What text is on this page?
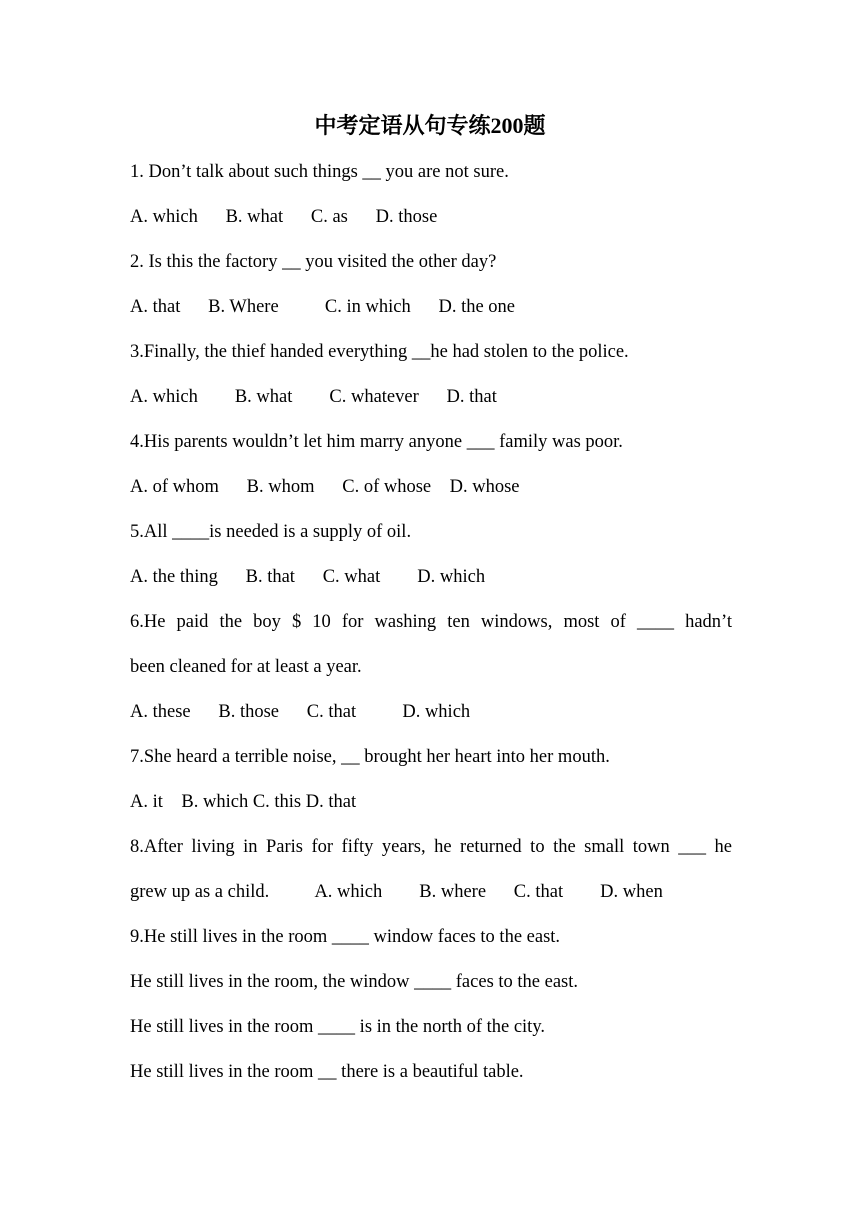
中考定语从句专练200题
1. Don’t talk about such things __ you are not sure.
A. which      B. what      C. as      D. those
2. Is this the factory __ you visited the other day?
A. that      B. Where          C. in which      D. the one
3.Finally, the thief handed everything __he had stolen to the police.
A. which        B. what        C. whatever      D. that
4.His parents wouldn’t let him marry anyone ___ family was poor.
A. of whom      B. whom      C. of whose    D. whose
5.All ____is needed is a supply of oil.
A. the thing      B. that      C. what        D. which
6.He paid the boy $ 10 for washing ten windows, most of ____ hadn’t
been cleaned for at least a year.
A. these      B. those      C. that          D. which
7.She heard a terrible noise, __ brought her heart into her mouth.
A. it    B. which C. this D. that
8.After living in Paris for fifty years, he returned to the small town ___ he
grew up as a child.          A. which        B. where      C. that        D. when
9.He still lives in the room ____ window faces to the east.
He still lives in the room, the window ____ faces to the east.
He still lives in the room ____ is in the north of the city.
He still lives in the room __ there is a beautiful table.
